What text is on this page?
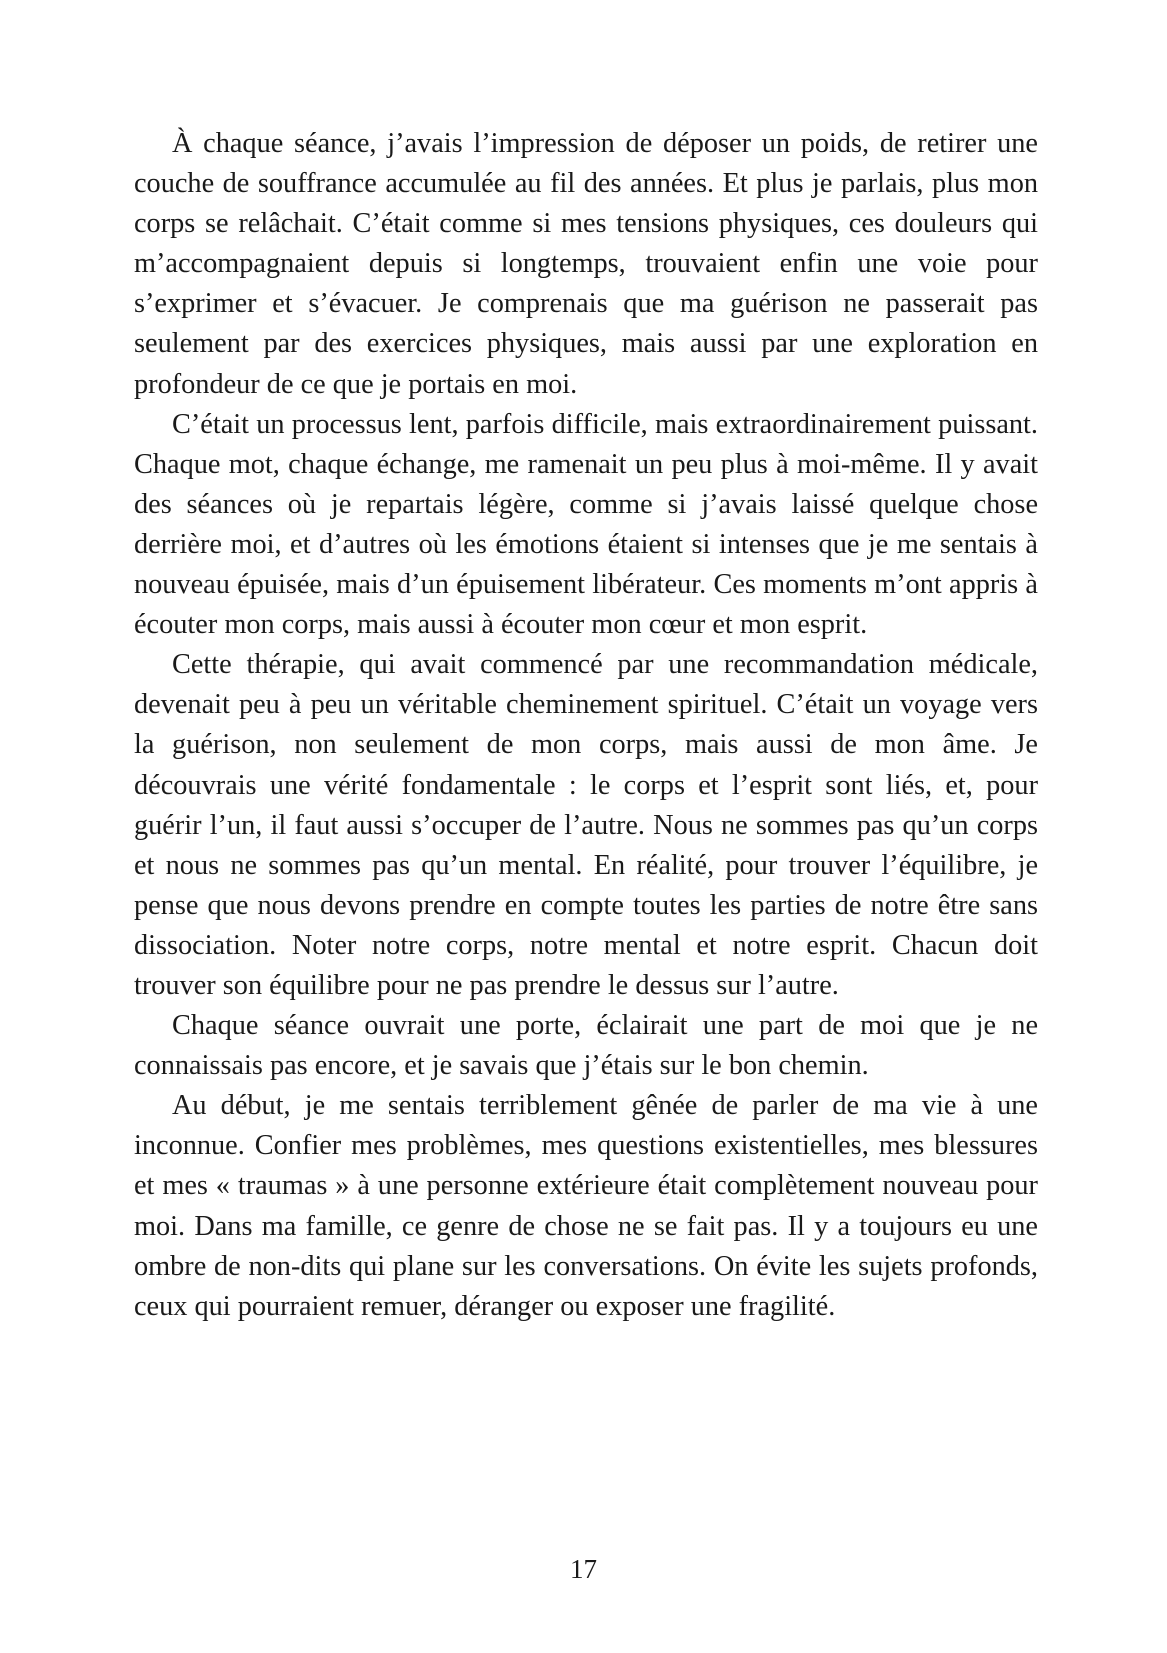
À chaque séance, j’avais l’impression de déposer un poids, de retirer une couche de souffrance accumulée au fil des années. Et plus je parlais, plus mon corps se relâchait. C’était comme si mes tensions physiques, ces douleurs qui m’accompagnaient depuis si longtemps, trouvaient enfin une voie pour s’exprimer et s’évacuer. Je comprenais que ma guérison ne passerait pas seulement par des exercices physiques, mais aussi par une exploration en profondeur de ce que je portais en moi.

C’était un processus lent, parfois difficile, mais extraordinairement puissant. Chaque mot, chaque échange, me ramenait un peu plus à moi-même. Il y avait des séances où je repartais légère, comme si j’avais laissé quelque chose derrière moi, et d’autres où les émotions étaient si intenses que je me sentais à nouveau épuisée, mais d’un épuisement libérateur. Ces moments m’ont appris à écouter mon corps, mais aussi à écouter mon cœur et mon esprit.

Cette thérapie, qui avait commencé par une recommandation médicale, devenait peu à peu un véritable cheminement spirituel. C’était un voyage vers la guérison, non seulement de mon corps, mais aussi de mon âme. Je découvrais une vérité fondamentale : le corps et l’esprit sont liés, et, pour guérir l’un, il faut aussi s’occuper de l’autre. Nous ne sommes pas qu’un corps et nous ne sommes pas qu’un mental. En réalité, pour trouver l’équilibre, je pense que nous devons prendre en compte toutes les parties de notre être sans dissociation. Noter notre corps, notre mental et notre esprit. Chacun doit trouver son équilibre pour ne pas prendre le dessus sur l’autre.

Chaque séance ouvrait une porte, éclairait une part de moi que je ne connaissais pas encore, et je savais que j’étais sur le bon chemin.

Au début, je me sentais terriblement gênée de parler de ma vie à une inconnue. Confier mes problèmes, mes questions existentielles, mes blessures et mes « traumas » à une personne extérieure était complètement nouveau pour moi. Dans ma famille, ce genre de chose ne se fait pas. Il y a toujours eu une ombre de non-dits qui plane sur les conversations. On évite les sujets profonds, ceux qui pourraient remuer, déranger ou exposer une fragilité.

17
